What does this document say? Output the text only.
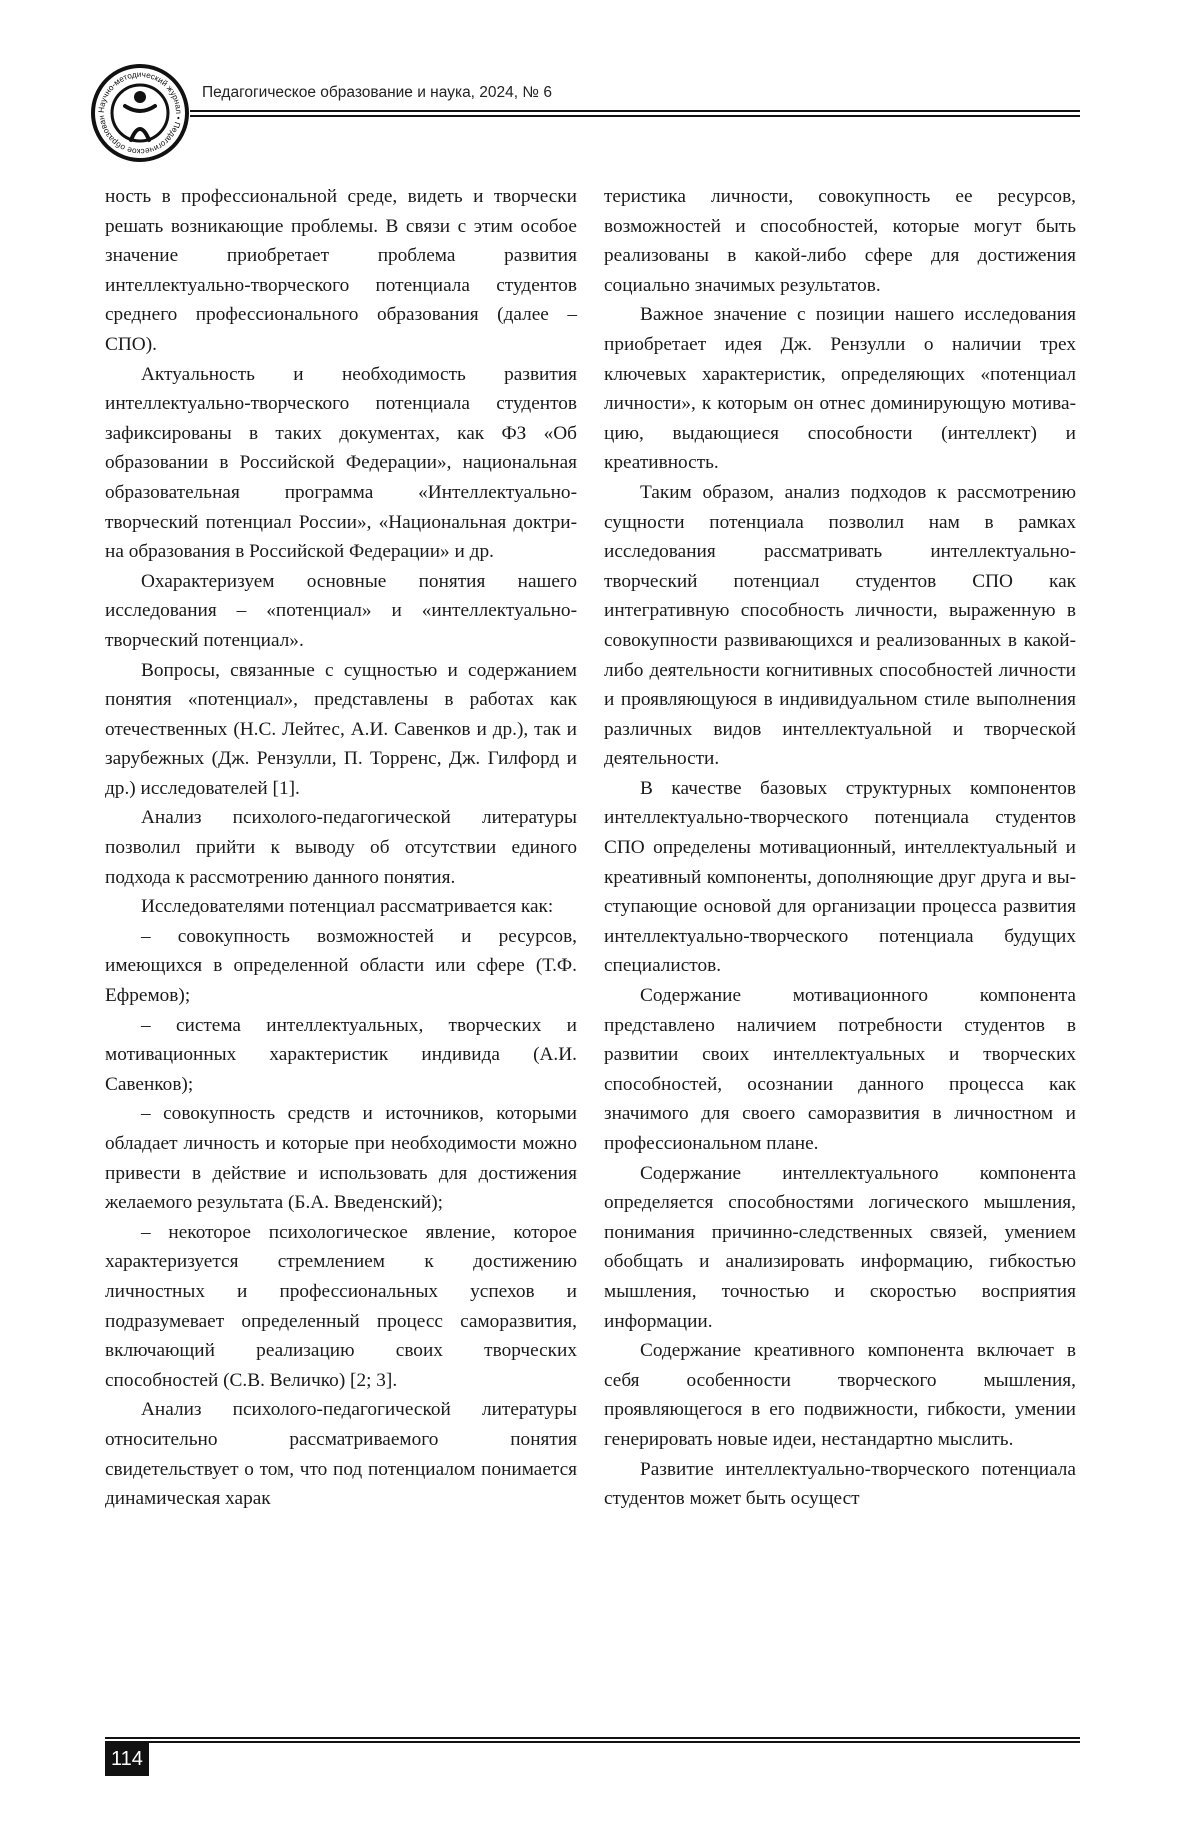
Научно-методический журнал • Педагогическое образован
Педагогическое образование и наука, 2024, № 6

ность в профессиональной среде, видеть и творчески решать возникающие проблемы. В связи с этим особое значение приобретает проблема развития интеллектуально-творческого потенциала студентов среднего профессионального образования (далее – СПО).

Актуальность и необходимость развития интеллектуально-творческого потенциала студентов зафиксированы в таких документах, как ФЗ «Об образовании в Российской Федерации», национальная образовательная программа «Интеллектуально-творческий потенциал России», «Национальная доктрина образования в Российской Федерации» и др.

Охарактеризуем основные понятия нашего исследования – «потенциал» и «интеллектуально-творческий потенциал».

Вопросы, связанные с сущностью и содержанием понятия «потенциал», представлены в работах как отечественных (Н.С. Лейтес, А.И. Савенков и др.), так и зарубежных (Дж. Рензулли, П. Торренс, Дж. Гилфорд и др.) исследователей [1].

Анализ психолого-педагогической литературы позволил прийти к выводу об отсутствии единого подхода к рассмотрению данного понятия.

Исследователями потенциал рассматривается как:

– совокупность возможностей и ресурсов, имеющихся в определенной области или сфере (Т.Ф. Ефремов);

– система интеллектуальных, творческих и мотивационных характеристик индивида (А.И. Савенков);

– совокупность средств и источников, которыми обладает личность и которые при необходимости можно привести в действие и использовать для достижения желаемого результата (Б.А. Введенский);

– некоторое психологическое явление, которое характеризуется стремлением к достижению личностных и профессиональных успехов и подразумевает определенный процесс саморазвития, включающий реализацию своих творческих способностей (С.В. Величко) [2; 3].

Анализ психолого-педагогической литературы относительно рассматриваемого понятия свидетельствует о том, что под потенциалом понимается динамическая харак

теристика личности, совокупность ее ресурсов, возможностей и способностей, которые могут быть реализованы в какой-либо сфере для достижения социально значимых результатов.

Важное значение с позиции нашего исследования приобретает идея Дж. Рензулли о наличии трех ключевых характеристик, определяющих «потенциал личности», к которым он отнес доминирующую мотивацию, выдающиеся способности (интеллект) и креативность.

Таким образом, анализ подходов к рассмотрению сущности потенциала позволил нам в рамках исследования рассматривать интеллектуально-творческий потенциал студентов СПО как интегративную способность личности, выраженную в совокупности развивающихся и реализованных в какой-либо деятельности когнитивных способностей личности и проявляющуюся в индивидуальном стиле выполнения различных видов интеллектуальной и творческой деятельности.

В качестве базовых структурных компонентов интеллектуально-творческого потенциала студентов СПО определены мотивационный, интеллектуальный и креативный компоненты, дополняющие друг друга и выступающие основой для организации процесса развития интеллектуально-творческого потенциала будущих специалистов.

Содержание мотивационного компонента представлено наличием потребности студентов в развитии своих интеллектуальных и творческих способностей, осознании данного процесса как значимого для своего саморазвития в личностном и профессиональном плане.

Содержание интеллектуального компонента определяется способностями логического мышления, понимания причинно-следственных связей, умением обобщать и анализировать информацию, гибкостью мышления, точностью и скоростью восприятия информации.

Содержание креативного компонента включает в себя особенности творческого мышления, проявляющегося в его подвижности, гибкости, умении генерировать новые идеи, нестандартно мыслить.

Развитие интеллектуально-творческого потенциала студентов может быть осущест

114
